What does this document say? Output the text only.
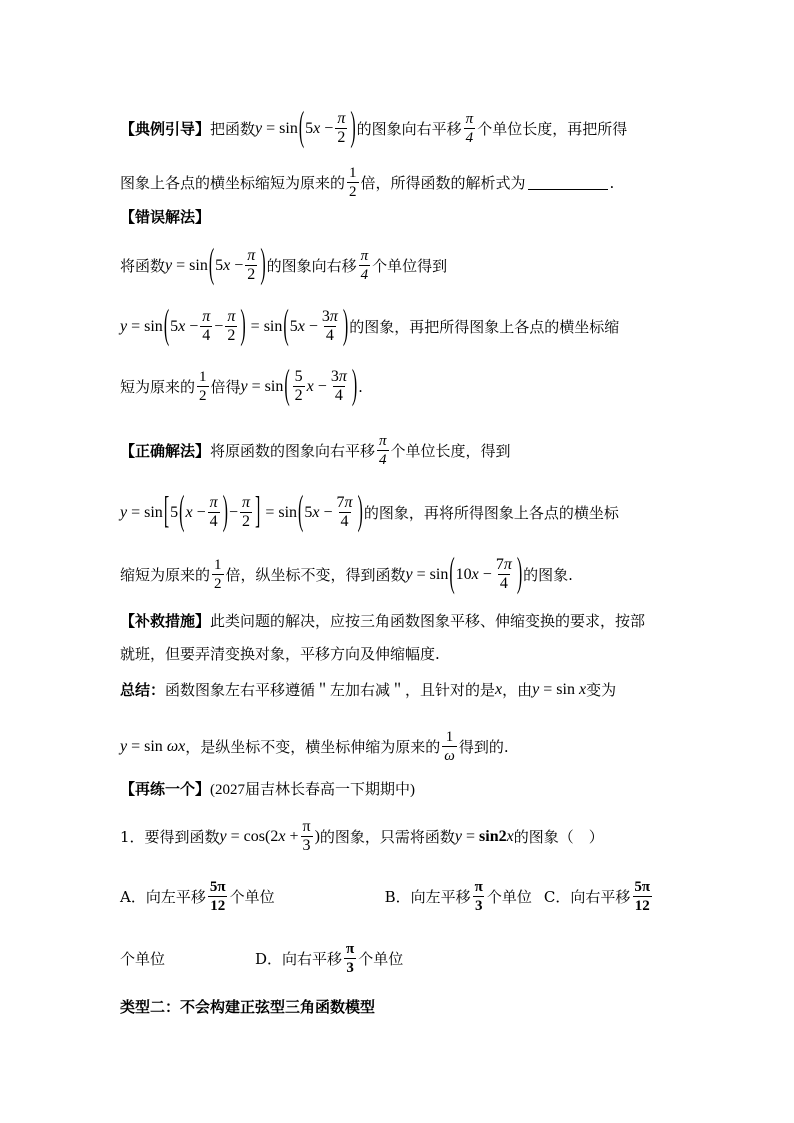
【典例引导】 把函数 y = sin ( 5 $x - \frac{\pi}{2}$ ) 的图象向右平移 $\frac{\pi}{4}$ 个单位长度，再把所得
图象上各点的横坐标缩短为原来的 $\frac{1}{2}$ 倍，所得函数的解析式为	.
【错误解法】
将函数 y = sin ( 5 $x - \frac{\pi}{2}$ ) 的图象向右移 $\frac{\pi}{4}$ 个单位得到
y = sin ( 5 $x - \frac{\pi}{4} - \frac{\pi}{2}$ ) = sin ( 5 $x - \frac{3\pi}{4}$ ) 的图象，再把所得图象上各点的横坐标缩
短为原来的 $\frac{1}{2}$ 倍得 y = sin ( $\frac{5}{2}$ $x - \frac{3\pi}{4}$ ) .
【正确解法】 将原函数的图象向右平移 $\frac{\pi}{4}$ 个单位长度，得到
y = sin [ 5 ( $x - \frac{\pi}{4}$ ) − $\frac{\pi}{2}$ ] = sin ( 5 $x - \frac{7\pi}{4}$ ) 的图象，再将所得图象上各点的横坐标
缩短为原来的 $\frac{1}{2}$ 倍，纵坐标不变，得到函数 y = sin ( 10 $x - \frac{7\pi}{4}$ ) 的图象.
【补救措施】 此类问题的解决，应按三角函数图象平移、伸缩变换的要求，按部
就班，但要弄清变换对象，平移方向及伸缩幅度.
总结： 函数图象左右平移遵循＂左加右减＂，且针对的是 x ，由 y = sin x 变为
y = sin ωx ，是纵坐标不变，横坐标伸缩为原来的 $\frac{1}{\omega}$ 得到的.
【再练一个】 (2027届吉林长春高一下期期中)
1．要得到函数 y = cos(2 $x + \frac{\pi}{3}$ ) 的图象，只需将函数 y = sin2 x 的图象（　）
A．向左平移 $\frac{5\pi}{12}$ 个单位	B．向左平移 $\frac{\pi}{3}$ 个单位 C．向右平移 $\frac{5\pi}{12}$
个单位	D．向右平移 $\frac{\pi}{3}$ 个单位
类型二：不会构建正弦型三角函数模型
